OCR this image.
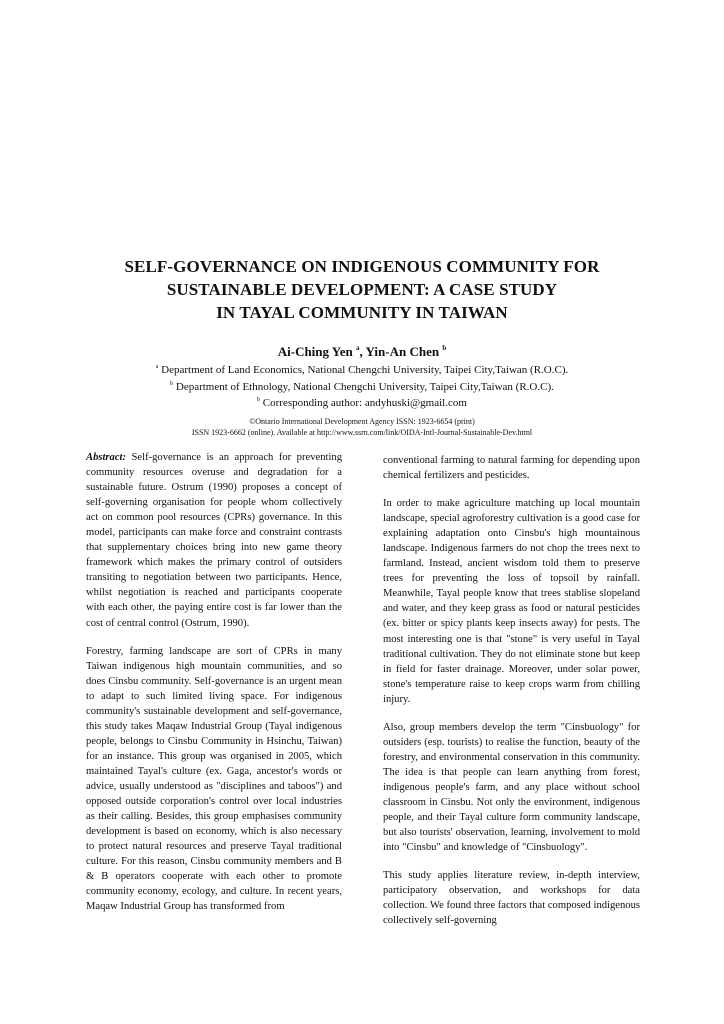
SELF-GOVERNANCE ON INDIGENOUS COMMUNITY FOR
SUSTAINABLE DEVELOPMENT: A CASE STUDY
IN TAYAL COMMUNITY IN TAIWAN
Ai-Ching Yen $^a$, Yin-An Chen $^b$
$^a$ Department of Land Economics, National Chengchi University, Taipei City,Taiwan (R.O.C).
$^b$ Department of Ethnology, National Chengchi University, Taipei City,Taiwan (R.O.C).
$^b$ Corresponding author: andyhuski@gmail.com
©Ontario International Development Agency ISSN: 1923-6654 (print)
ISSN 1923-6662 (online). Available at http://www.ssrn.com/link/OIDA-Intl-Journal-Sustainable-Dev.html

Abstract: Self-governance is an approach for preventing community resources overuse and degradation for a sustainable future. Ostrum (1990) proposes a concept of self-governing organisation for people whom collectively act on common pool resources (CPRs) governance. In this model, participants can make force and constraint contrasts that supplementary choices bring into new game theory framework which makes the primary control of outsiders transiting to negotiation between two participants. Hence, whilst negotiation is reached and participants cooperate with each other, the paying entire cost is far lower than the cost of central control (Ostrum, 1990).

Forestry, farming landscape are sort of CPRs in many Taiwan indigenous high mountain communities, and so does Cinsbu community. Self-governance is an urgent mean to adapt to such limited living space. For indigenous community's sustainable development and self-governance, this study takes Maqaw Industrial Group (Tayal indigenous people, belongs to Cinsbu Community in Hsinchu, Taiwan) for an instance. This group was organised in 2005, which maintained Tayal's culture (ex. Gaga, ancestor's words or advice, usually understood as "disciplines and taboos") and opposed outside corporation's control over local industries as their calling. Besides, this group emphasises community development is based on economy, which is also necessary to protect natural resources and preserve Tayal traditional culture. For this reason, Cinsbu community members and B & B operators cooperate with each other to promote community economy, ecology, and culture. In recent years, Maqaw Industrial Group has transformed from

conventional farming to natural farming for depending upon chemical fertilizers and pesticides.

In order to make agriculture matching up local mountain landscape, special agroforestry cultivation is a good case for explaining adaptation onto Cinsbu's high mountainous landscape. Indigenous farmers do not chop the trees next to farmland. Instead, ancient wisdom told them to preserve trees for preventing the loss of topsoil by rainfall. Meanwhile, Tayal people know that trees stablise slopeland and water, and they keep grass as food or natural pesticides (ex. bitter or spicy plants keep insects away) for pests. The most interesting one is that "stone" is very useful in Tayal traditional cultivation. They do not eliminate stone but keep in field for faster drainage. Moreover, under solar power, stone's temperature raise to keep crops warm from chilling injury.

Also, group members develop the term "Cinsbuology" for outsiders (esp. tourists) to realise the function, beauty of the forestry, and environmental conservation in this community. The idea is that people can learn anything from forest, indigenous people's farm, and any place without school classroom in Cinsbu. Not only the environment, indigenous people, and their Tayal culture form community landscape, but also tourists' observation, learning, involvement to mold into "Cinsbu" and knowledge of "Cinsbuology".

This study applies literature review, in-depth interview, participatory observation, and workshops for data collection. We found three factors that composed indigenous collectively self-governing
